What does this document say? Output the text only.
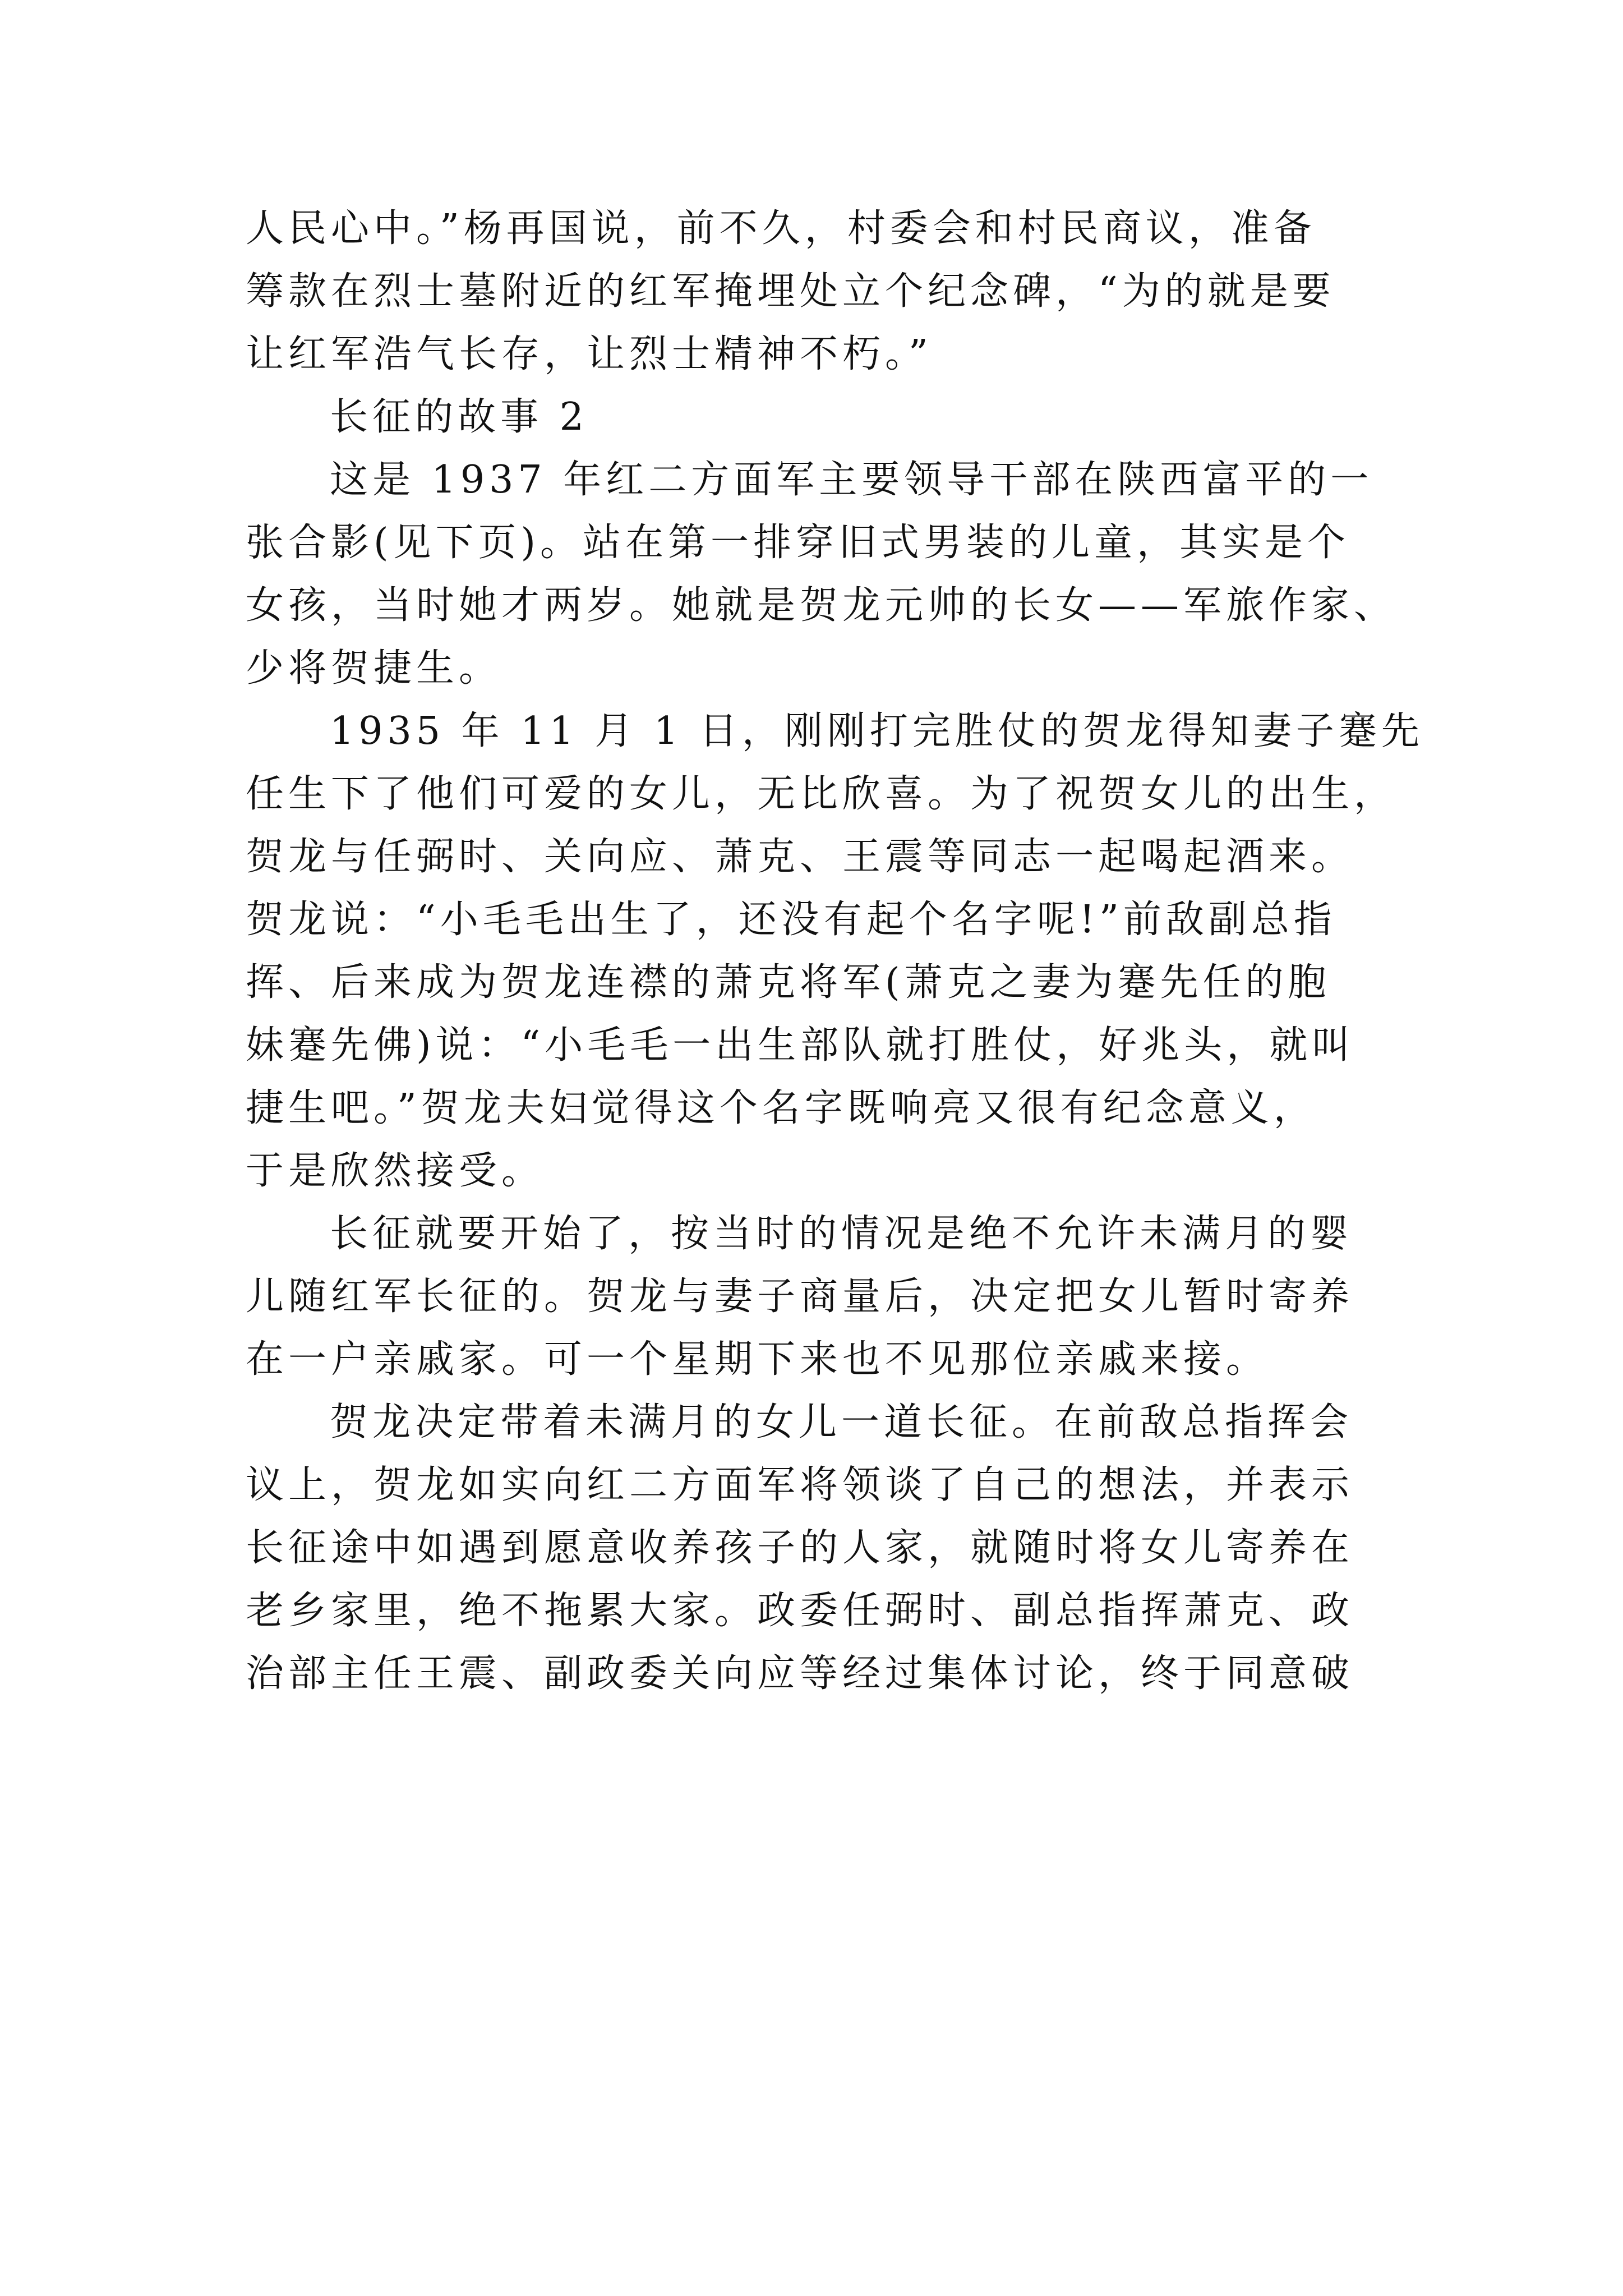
人民心中。”杨再国说，前不久，村委会和村民商议，准备
筹款在烈士墓附近的红军掩埋处立个纪念碑，“为的就是要
让红军浩气长存，让烈士精神不朽。”
长征的故事 2
这是 1937 年红二方面军主要领导干部在陕西富平的一
张合影(见下页)。站在第一排穿旧式男装的儿童，其实是个
女孩，当时她才两岁。她就是贺龙元帅的长女——军旅作家、
少将贺捷生。
1935 年 11 月 1 日，刚刚打完胜仗的贺龙得知妻子蹇先
任生下了他们可爱的女儿，无比欣喜。为了祝贺女儿的出生，
贺龙与任弼时、关向应、萧克、王震等同志一起喝起酒来。
贺龙说：“小毛毛出生了，还没有起个名字呢!”前敌副总指
挥、后来成为贺龙连襟的萧克将军(萧克之妻为蹇先任的胞
妹蹇先佛)说：“小毛毛一出生部队就打胜仗，好兆头，就叫
捷生吧。”贺龙夫妇觉得这个名字既响亮又很有纪念意义，
于是欣然接受。
长征就要开始了，按当时的情况是绝不允许未满月的婴
儿随红军长征的。贺龙与妻子商量后，决定把女儿暂时寄养
在一户亲戚家。可一个星期下来也不见那位亲戚来接。
贺龙决定带着未满月的女儿一道长征。在前敌总指挥会
议上，贺龙如实向红二方面军将领谈了自己的想法，并表示
长征途中如遇到愿意收养孩子的人家，就随时将女儿寄养在
老乡家里，绝不拖累大家。政委任弼时、副总指挥萧克、政
治部主任王震、副政委关向应等经过集体讨论，终于同意破
